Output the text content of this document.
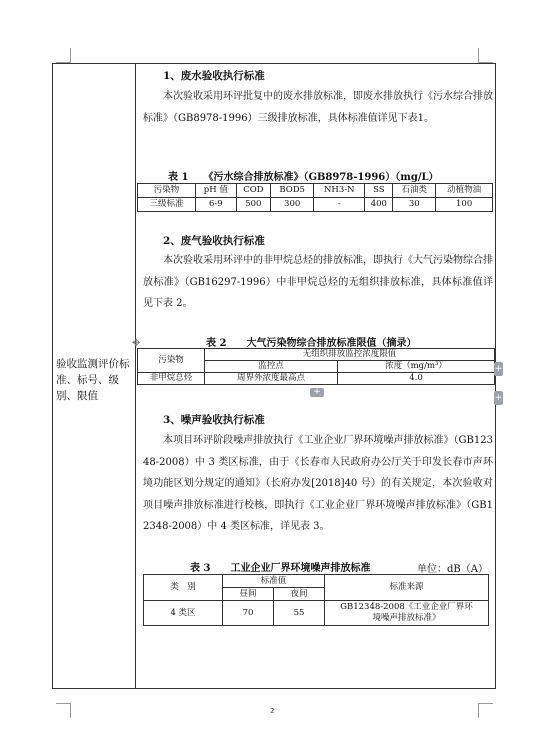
验收监测评价标准、标号、级别、限值
1、废水验收执行标准
本次验收采用环评批复中的废水排放标准，即废水排放执行《污水综合排放标准》（GB8978-1996）三级排放标准，具体标准值详见下表1。
表 1　　《污水综合排放标准》（GB8978-1996）（mg/L）
污染物	pH 值	COD	BOD5	NH3-N	SS	石油类	动植物油
三级标准	6-9	500	300	-	400	30	100
2、废气验收执行标准
本次验收采用环评中的非甲烷总烃的排放标准，即执行《大气污染物综合排放标准》（GB16297-1996）中非甲烷总烃的无组织排放标准，具体标准值详见下表 2。
✥	表 2　　大气污染物综合排放标准限值（摘录）
污染物	无组织排放监控浓度限值	
	监控点	浓度（mg/m³）
非甲烷总烃	周界外浓度最高点	4.0
+
+
+
3、噪声验收执行标准
本项目环评阶段噪声排放执行《工业企业厂界环境噪声排放标准》（GB12348-2008）中 3 类区标准，由于《长春市人民政府办公厅关于印发长春市声环境功能区划分规定的通知》（长府办发[2018]40 号）的有关规定，本次验收对项目噪声排放标准进行校核，即执行《工业企业厂界环境噪声排放标准》（GB12348-2008）中 4 类区标准，详见表 3。
表 3　　工业企业厂界环境噪声排放标准	单位：dB（A）
类　别	标准值		标准来源
	昼间	夜间	
4 类区	70	55	GB12348-2008《工业企业厂界环境噪声排放标准》
2
